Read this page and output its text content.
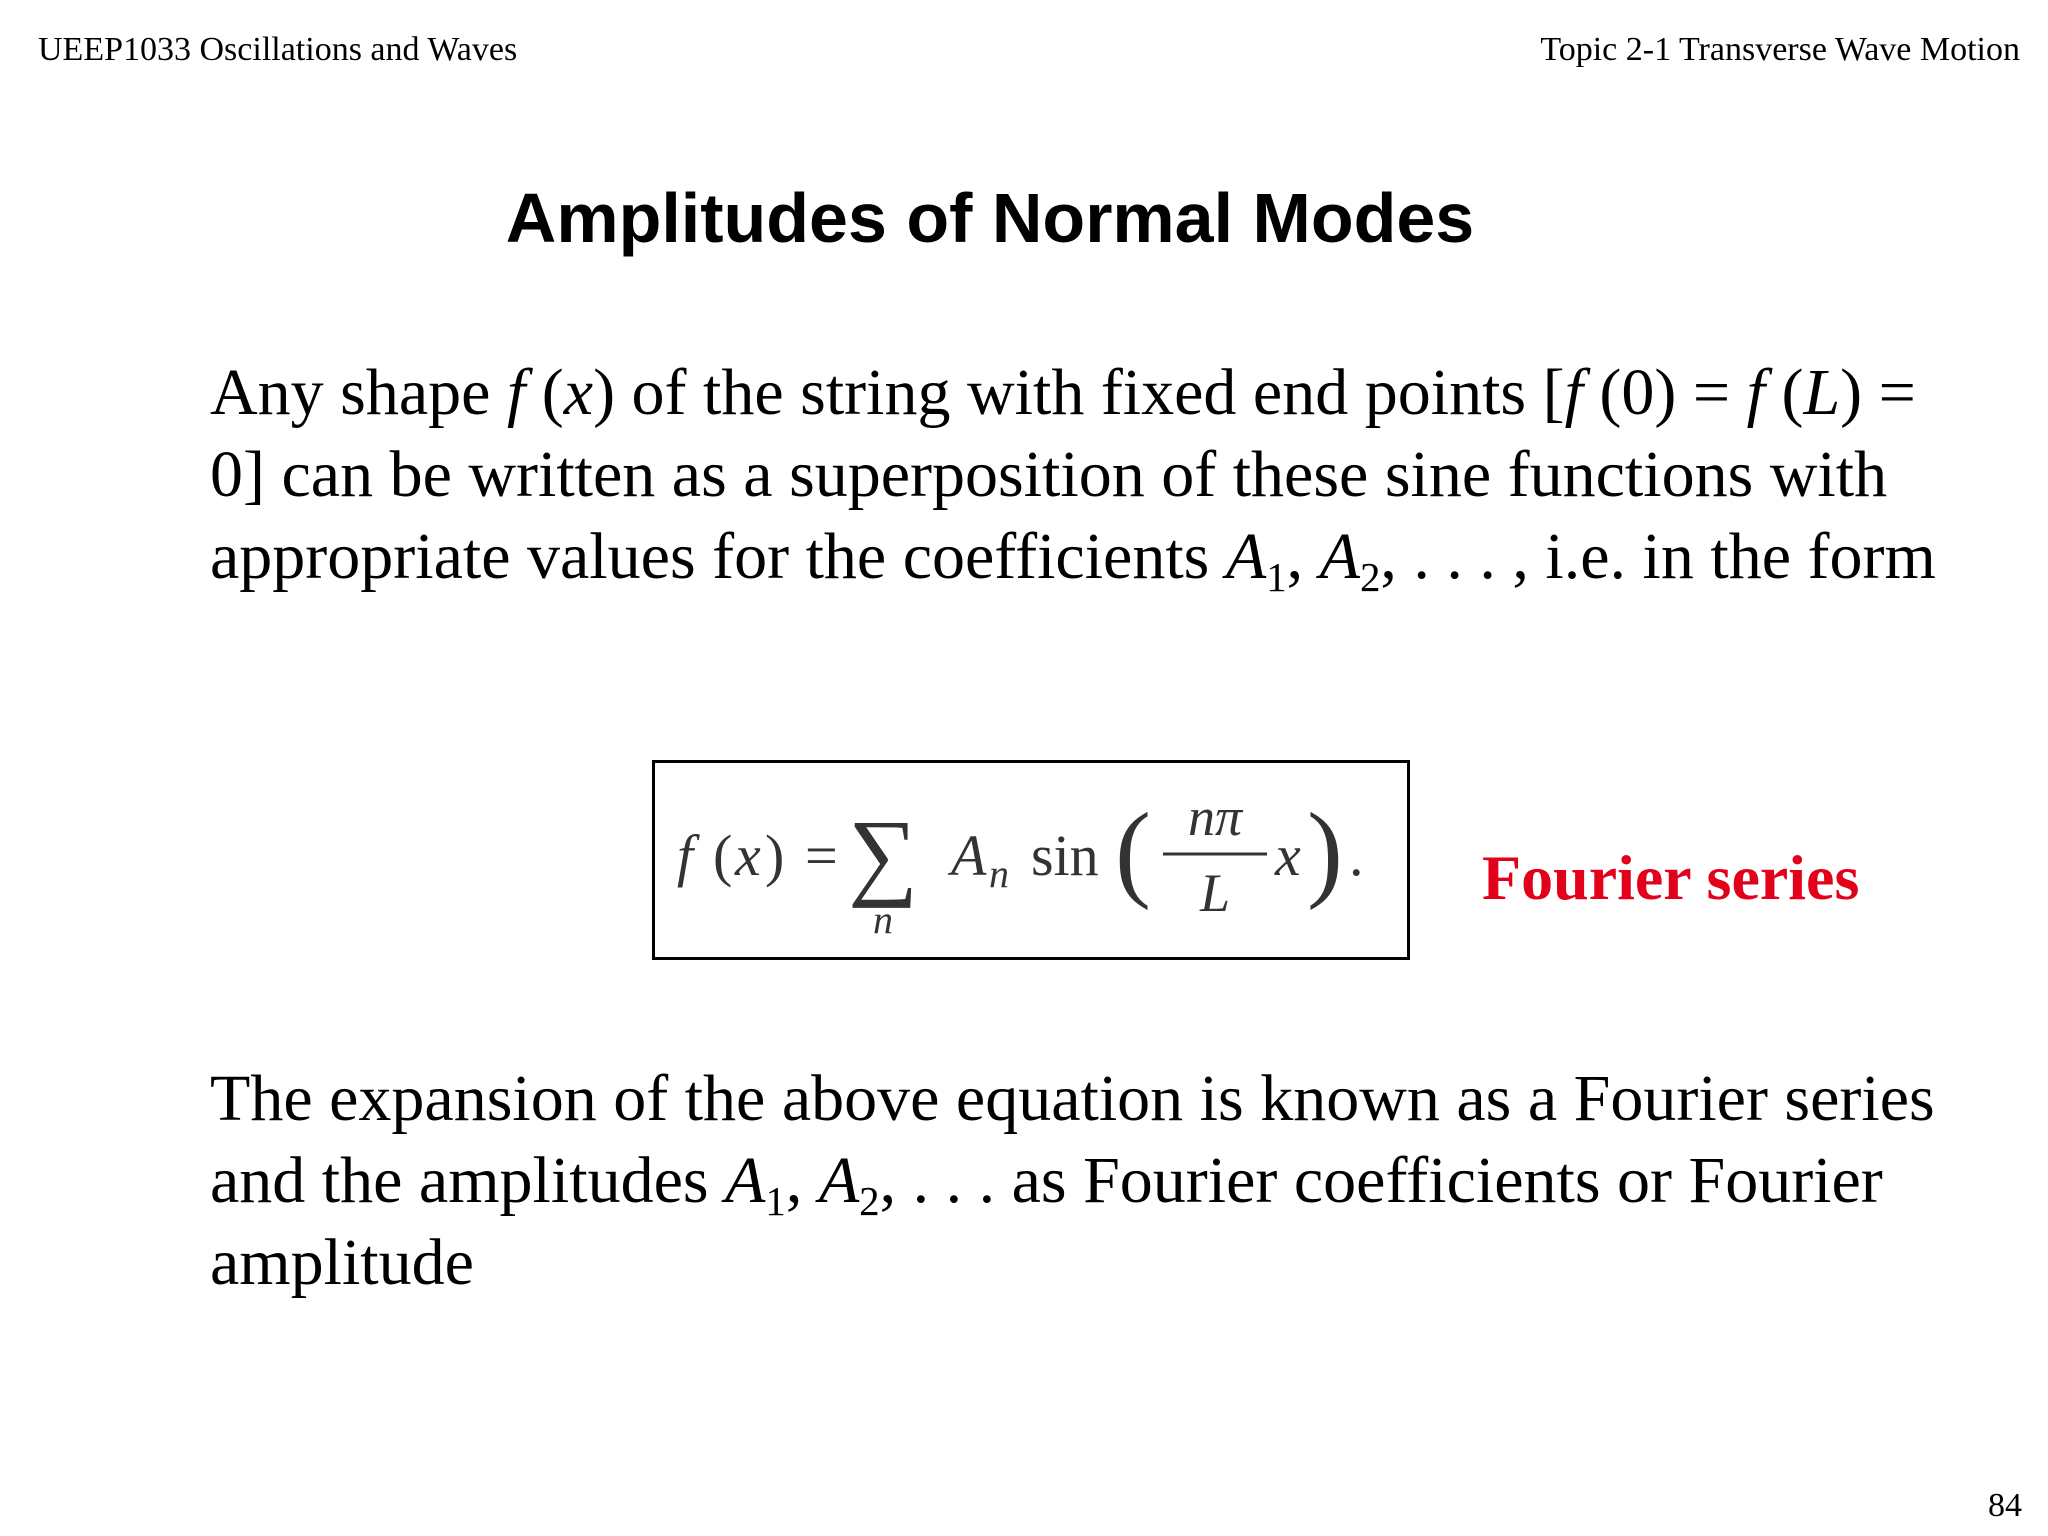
UEEP1033 Oscillations and Waves	Topic 2-1 Transverse Wave Motion
Amplitudes of Normal Modes
Any shape f (x) of the string with fixed end points [f (0) = f (L) = 0] can be written as a superposition of these sine functions with appropriate values for the coefficients $A_1$, $A_2$, . . . , i.e. in the form
f ( x ) = ∑
n
A n sin ( nπ
L
x ) . Fourier series
The expansion of the above equation is known as a Fourier series and the amplitudes $A_1$, $A_2$, . . . as Fourier coefficients or Fourier amplitude
84
